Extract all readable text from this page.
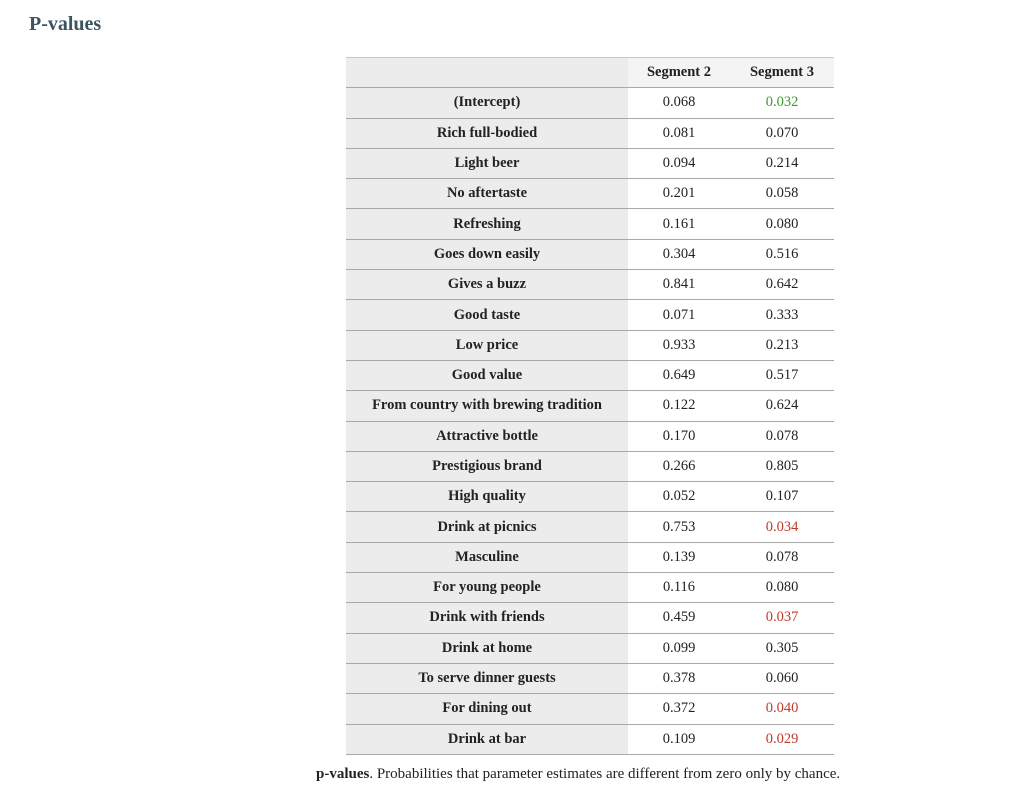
P-values
	Segment 2	Segment 3
(Intercept)	0.068	0.032
Rich full-bodied	0.081	0.070
Light beer	0.094	0.214
No aftertaste	0.201	0.058
Refreshing	0.161	0.080
Goes down easily	0.304	0.516
Gives a buzz	0.841	0.642
Good taste	0.071	0.333
Low price	0.933	0.213
Good value	0.649	0.517
From country with brewing tradition	0.122	0.624
Attractive bottle	0.170	0.078
Prestigious brand	0.266	0.805
High quality	0.052	0.107
Drink at picnics	0.753	0.034
Masculine	0.139	0.078
For young people	0.116	0.080
Drink with friends	0.459	0.037
Drink at home	0.099	0.305
To serve dinner guests	0.378	0.060
For dining out	0.372	0.040
Drink at bar	0.109	0.029
p-values. Probabilities that parameter estimates are different from zero only by chance.
